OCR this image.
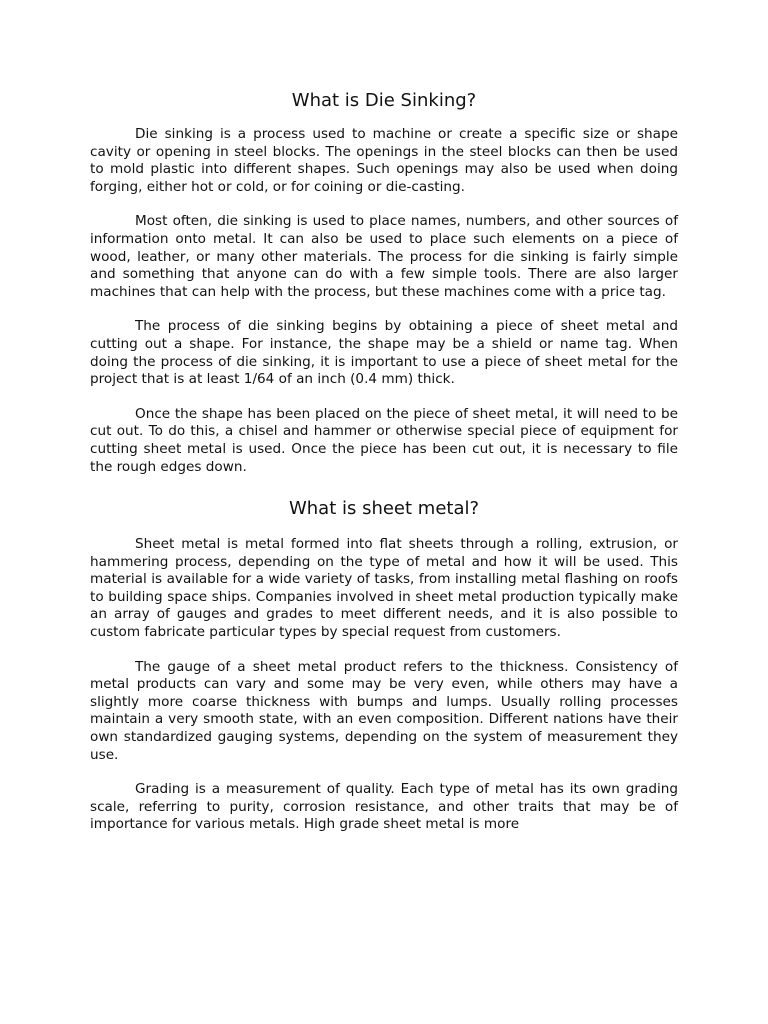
What is Die Sinking?

Die sinking is a process used to machine or create a specific size or shape cavity or opening in steel blocks. The openings in the steel blocks can then be used to mold plastic into different shapes. Such openings may also be used when doing forging, either hot or cold, or for coining or die-casting.

Most often, die sinking is used to place names, numbers, and other sources of information onto metal. It can also be used to place such elements on a piece of wood, leather, or many other materials. The process for die sinking is fairly simple and something that anyone can do with a few simple tools. There are also larger machines that can help with the process, but these machines come with a price tag.

The process of die sinking begins by obtaining a piece of sheet metal and cutting out a shape. For instance, the shape may be a shield or name tag. When doing the process of die sinking, it is important to use a piece of sheet metal for the project that is at least 1/64 of an inch (0.4 mm) thick.

Once the shape has been placed on the piece of sheet metal, it will need to be cut out. To do this, a chisel and hammer or otherwise special piece of equipment for cutting sheet metal is used. Once the piece has been cut out, it is necessary to file the rough edges down.

What is sheet metal?

Sheet metal is metal formed into flat sheets through a rolling, extrusion, or hammering process, depending on the type of metal and how it will be used. This material is available for a wide variety of tasks, from installing metal flashing on roofs to building space ships. Companies involved in sheet metal production typically make an array of gauges and grades to meet different needs, and it is also possible to custom fabricate particular types by special request from customers.

The gauge of a sheet metal product refers to the thickness. Consistency of metal products can vary and some may be very even, while others may have a slightly more coarse thickness with bumps and lumps. Usually rolling processes maintain a very smooth state, with an even composition. Different nations have their own standardized gauging systems, depending on the system of measurement they use.

Grading is a measurement of quality. Each type of metal has its own grading scale, referring to purity, corrosion resistance, and other traits that may be of importance for various metals. High grade sheet metal is more
